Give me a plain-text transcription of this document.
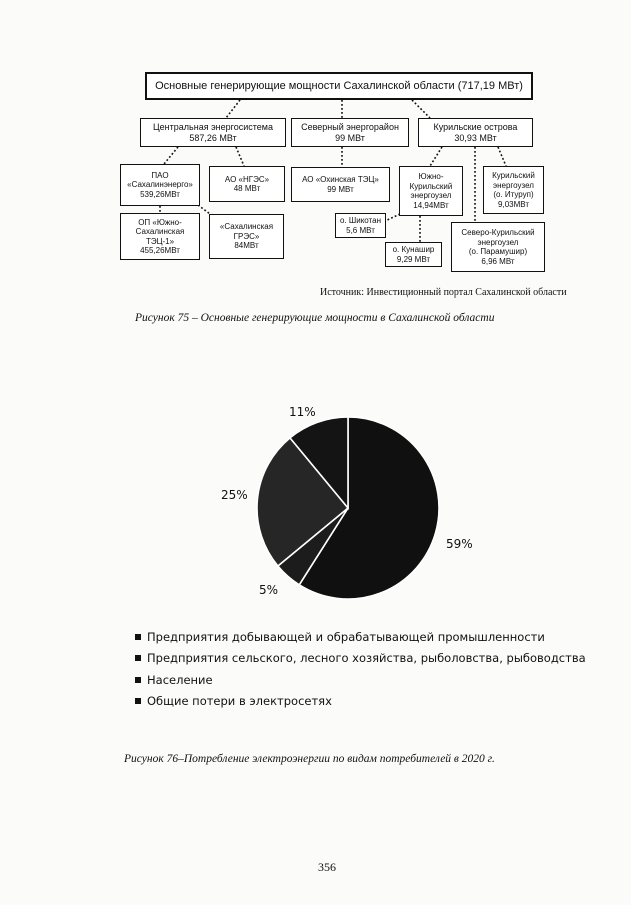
Основные генерирующие мощности Сахалинской области (717,19 МВт)
Центральная энергосистема
587,26 МВт
Северный энергорайон
99 МВт
Курильские острова
30,93 МВт
ПАО
«Сахалинэнерго»
539,26МВт
АО «НГЭС»
48 МВт
АО «Охинская ТЭЦ»
99 МВт
Южно-
Курильский
энергоузел
14,94МВт
Курильский
энергоузел
(о. Итуруп)
9,03МВт
ОП «Южно-
Сахалинская
ТЭЦ-1»
455,26МВт
«Сахалинская
ГРЭС»
84МВт
о. Шикотан
5,6 МВт
о. Кунашир
9,29 МВт
Северо-Курильский
энергоузел
(о. Парамушир)
6,96 МВт
Источник: Инвестиционный портал Сахалинской области
Рисунок 75 – Основные генерирующие мощности в Сахалинской области
59%
5%
25%
11%
Предприятия добывающей и обрабатывающей промышленности
Предприятия сельского, лесного хозяйства, рыболовства, рыбоводства
Население
Общие потери в электросетях
Рисунок 76–Потребление электроэнергии по видам потребителей в 2020 г.
356
